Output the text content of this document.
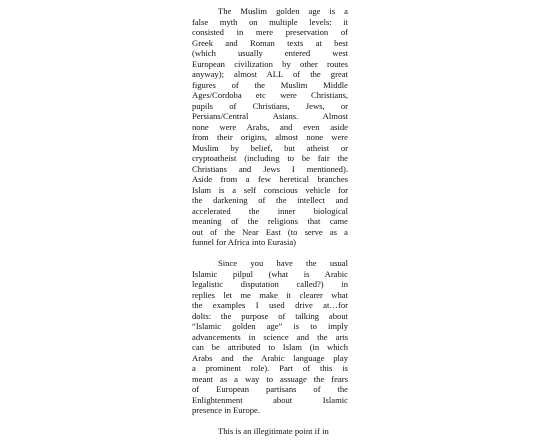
The Muslim golden age is a
false myth on multiple levels: it
consisted in mere preservation of
Greek and Roman texts at best
(which usually entered west
European civilization by other routes
anyway); almost ALL of the great
figures of the Muslim Middle
Ages/Cordoba etc were Christians,
pupils of Christians, Jews, or
Persians/Central Asians. Almost
none were Arabs, and even aside
from their origins, almost none were
Muslim by belief, but atheist or
cryptoatheist (including to be fair the
Christians and Jews I mentioned).
Aside from a few heretical branches
Islam is a self conscious vehicle for
the darkening of the intellect and
accelerated the inner biological
meaning of the religions that came
out of the Near East (to serve as a
funnel for Africa into Eurasia)

Since you have the usual
Islamic pilpul (what is Arabic
legalistic disputation called?) in
replies let me make it clearer what
the examples I used drive at…for
dolts: the purpose of talking about
“Islamic golden age” is to imply
advancements in science and the arts
can be attributed to Islam (in which
Arabs and the Arabic language play
a prominent role). Part of this is
meant as a way to assuage the fears
of European partisans of the
Enlightenment about Islamic
presence in Europe.

This is an illegitimate point if in
